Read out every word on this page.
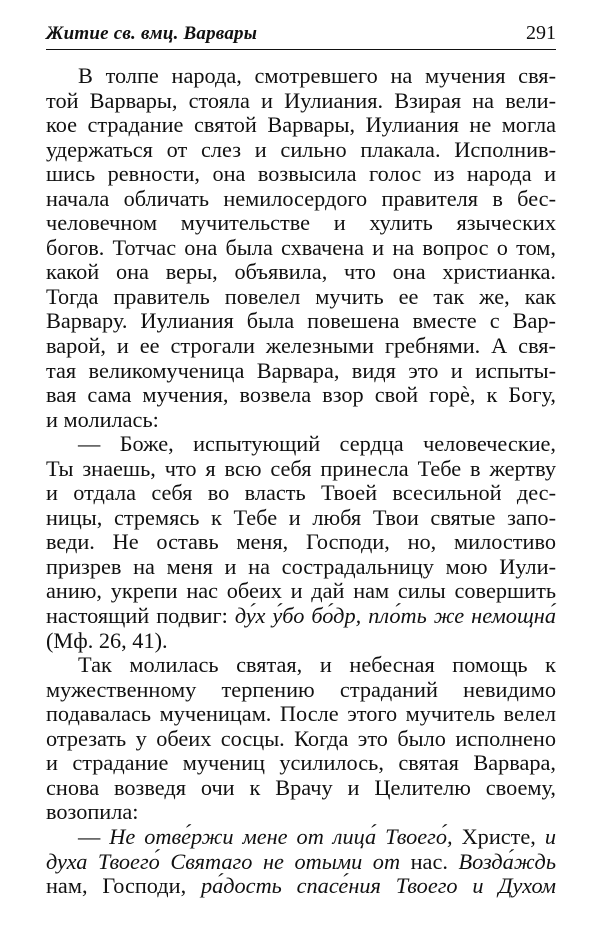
Житие св. вмц. Варвары	291
В толпе народа, смотревшего на мучения свя-
той Варвары, стояла и Иулиания. Взирая на вели-
кое страдание святой Варвары, Иулиания не могла
удержаться от слез и сильно плакала. Исполнив-
шись ревности, она возвысила голос из народа и
начала обличать немилосердого правителя в бес-
человечном мучительстве и хулить языческих
богов. Тотчас она была схвачена и на вопрос о том,
какой она веры, объявила, что она христианка.
Тогда правитель повелел мучить ее так же, как
Варвару. Иулиания была повешена вместе с Вар-
варой, и ее строгали железными гребнями. А свя-
тая великомученица Варвара, видя это и испыты-
вая сама мучения, возвела взор свой горѐ, к Богу,
и молилась:
— Боже, испытующий сердца человеческие,
Ты знаешь, что я всю себя принесла Тебе в жертву
и отдала себя во власть Твоей всесильной дес-
ницы, стремясь к Тебе и любя Твои святые запо-
веди. Не оставь меня, Господи, но, милостиво
призрев на меня и на сострадальницу мою Иули-
анию, укрепи нас обеих и дай нам силы совершить
настоящий подвиг: ду́х у́бо бо́др, пло́ть же немощна́
(Мф. 26, 41).
Так молилась святая, и небесная помощь к
мужественному терпению страданий невидимо
подавалась мученицам. После этого мучитель велел
отрезать у обеих сосцы. Когда это было исполнено
и страдание мучениц усилилось, святая Варвара,
снова возведя очи к Врачу и Целителю своему,
возопила:
— Не отве́ржи мене от лица́ Твоего́, Христе, и
духа Твоего́ Святаго не отыми от нас. Возда́ждь
нам, Господи, ра́дость спасе́ния Твоего и Духом
